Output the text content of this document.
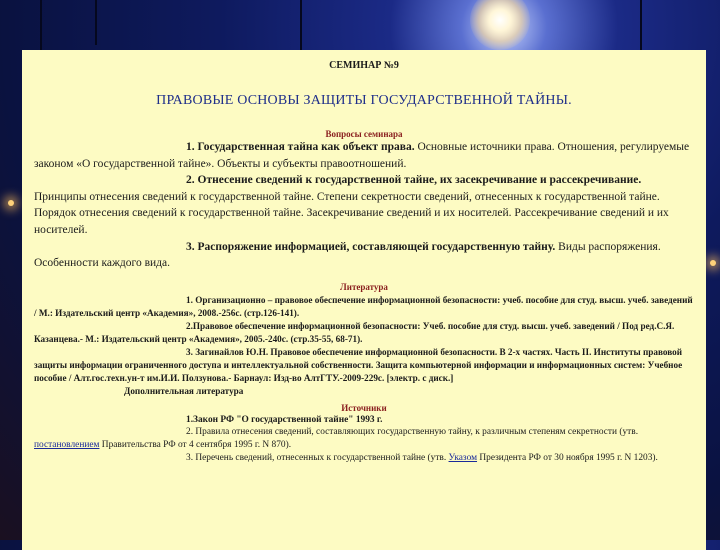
СЕМИНАР №9
ПРАВОВЫЕ ОСНОВЫ ЗАЩИТЫ ГОСУДАРСТВЕННОЙ ТАЙНЫ.
Вопросы семинара

1. Государственная тайна как объект права. Основные источники права. Отношения, регулируемые законом «О государственной тайне». Объекты и субъекты правоотношений.

2. Отнесение сведений к государственной тайне, их засекречивание и рассекречивание. Принципы отнесения сведений к государственной тайне. Степени секретности сведений, отнесенных к государственной тайне. Порядок отнесения сведений к государственной тайне. Засекречивание сведений и их носителей. Рассекречивание сведений и их носителей.

3. Распоряжение информацией, составляющей государственную тайну. Виды распоряжения. Особенности каждого вида.

Литература

1. Организационно – правовое обеспечение информационной безопасности: учеб. пособие для студ. высш. учеб. заведений / М.: Издательский центр «Академия», 2008.-256с. (стр.126-141).

2.Правовое обеспечение информационной безопасности: Учеб. пособие для студ. высш. учеб. заведений / Под ред.С.Я. Казанцева.- М.: Издательский центр «Академия», 2005.-240с. (стр.35-55, 68-71).

3. Загинайлов Ю.Н. Правовое обеспечение информационной безопасности. В 2-х частях. Часть II. Институты правовой защиты информации ограниченного доступа и интеллектуальной собственности. Защита компьютерной информации и информационных систем: Учебное пособие / Алт.гос.техн.ун-т им.И.И. Ползунова.- Барнаул: Изд-во АлтГТУ.-2009-229с. [электр. с диск.]

Дополнительная литература

Источники

1.Закон РФ "О государственной тайне" 1993 г.

2. Правила отнесения сведений, составляющих государственную тайну, к различным степеням секретности (утв. постановлением Правительства РФ от 4 сентября 1995 г. N 870).

3. Перечень сведений, отнесенных к государственной тайне (утв. Указом Президента РФ от 30 ноября 1995 г. N 1203).
